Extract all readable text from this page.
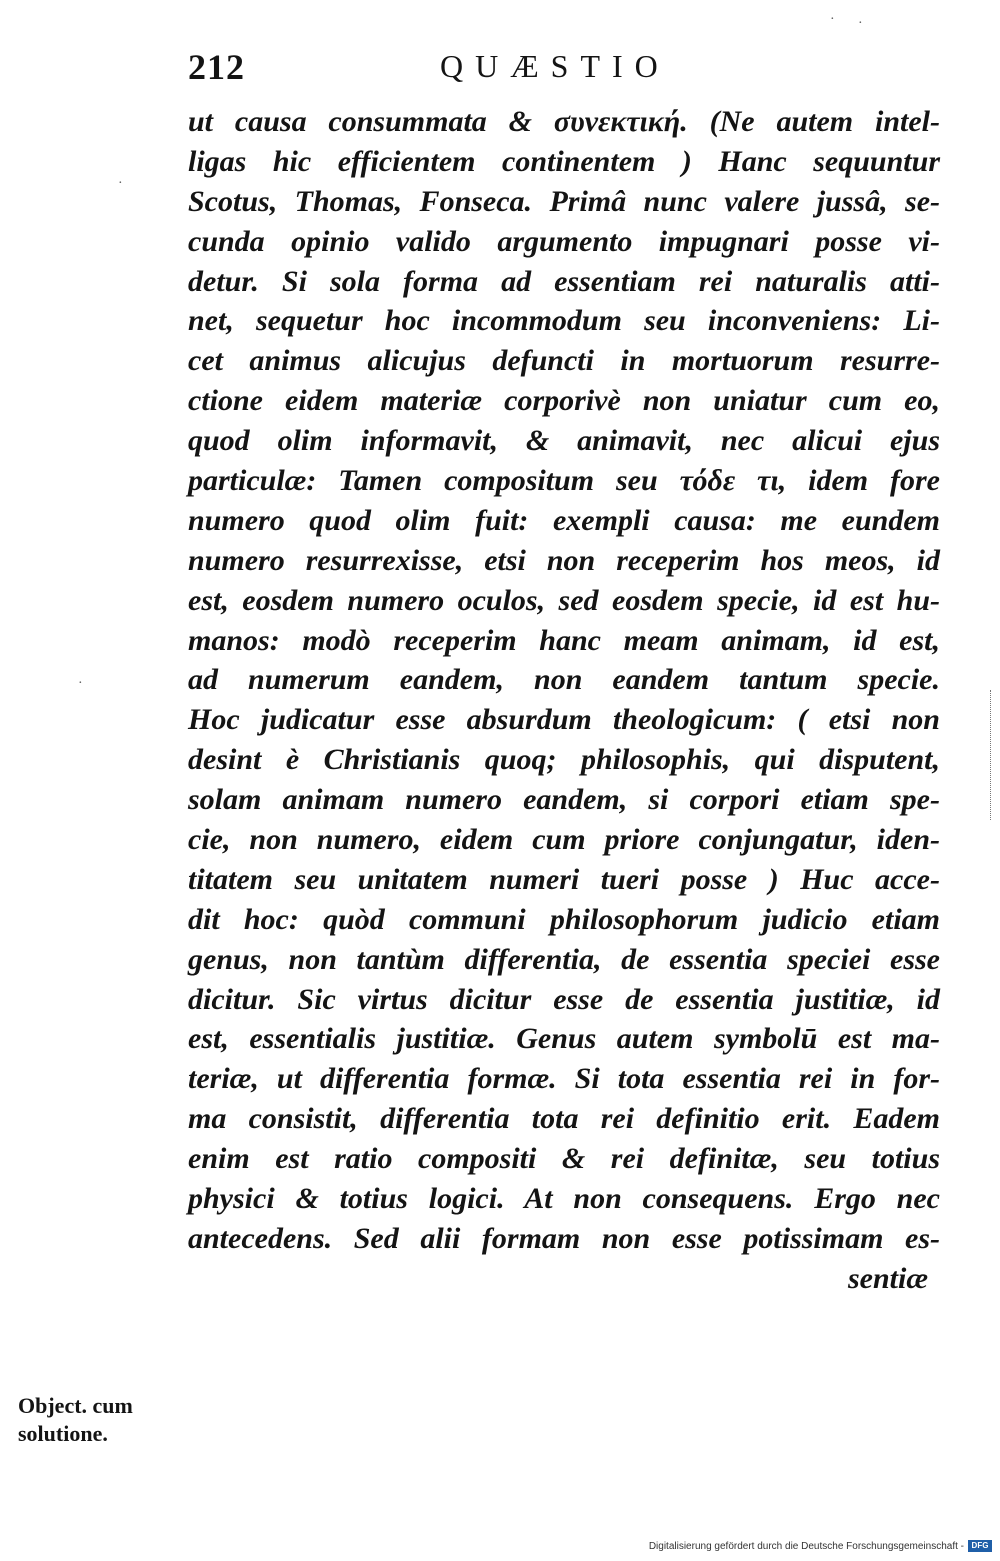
212	QUÆSTIO
ut causa consummata & συνεκτική. (Ne autem intel-
ligas hic efficientem continentem ) Hanc sequuntur
Scotus, Thomas, Fonseca. Primâ nunc valere jussâ, se-
cunda opinio valido argumento impugnari posse vi-
detur. Si sola forma ad essentiam rei naturalis atti-
net, sequetur hoc incommodum seu inconveniens: Li-
cet animus alicujus defuncti in mortuorum resurre-
ctione eidem materiæ corporivè non uniatur cum eo,
quod olim informavit, & animavit, nec alicui ejus
particulæ: Tamen compositum seu τόδε τι, idem fore
numero quod olim fuit: exempli causa: me eundem
numero resurrexisse, etsi non receperim hos meos, id
est, eosdem numero oculos, sed eosdem specie, id est hu-
manos: modò receperim hanc meam animam, id est,
ad numerum eandem, non eandem tantum specie.
Hoc judicatur esse absurdum theologicum: ( etsi non
desint è Christianis quoq; philosophis, qui disputent,
solam animam numero eandem, si corpori etiam spe-
cie, non numero, eidem cum priore conjungatur, iden-
titatem seu unitatem numeri tueri posse ) Huc acce-
dit hoc: quòd communi philosophorum judicio etiam
genus, non tantùm differentia, de essentia speciei esse
dicitur. Sic virtus dicitur esse de essentia justitiæ, id
est, essentialis justitiæ. Genus autem symbolū est ma-
teriæ, ut differentia formæ. Si tota essentia rei in for-
ma consistit, differentia tota rei definitio erit. Eadem
enim est ratio compositi & rei definitæ, seu totius
physici & totius logici. At non consequens. Ergo nec
antecedens. Sed alii formam non esse potissimam es-
sentiæ
Object. cum
solutione.
· ·
·
·
Digitalisierung gefördert durch die Deutsche Forschungsgemeinschaft - DFG
